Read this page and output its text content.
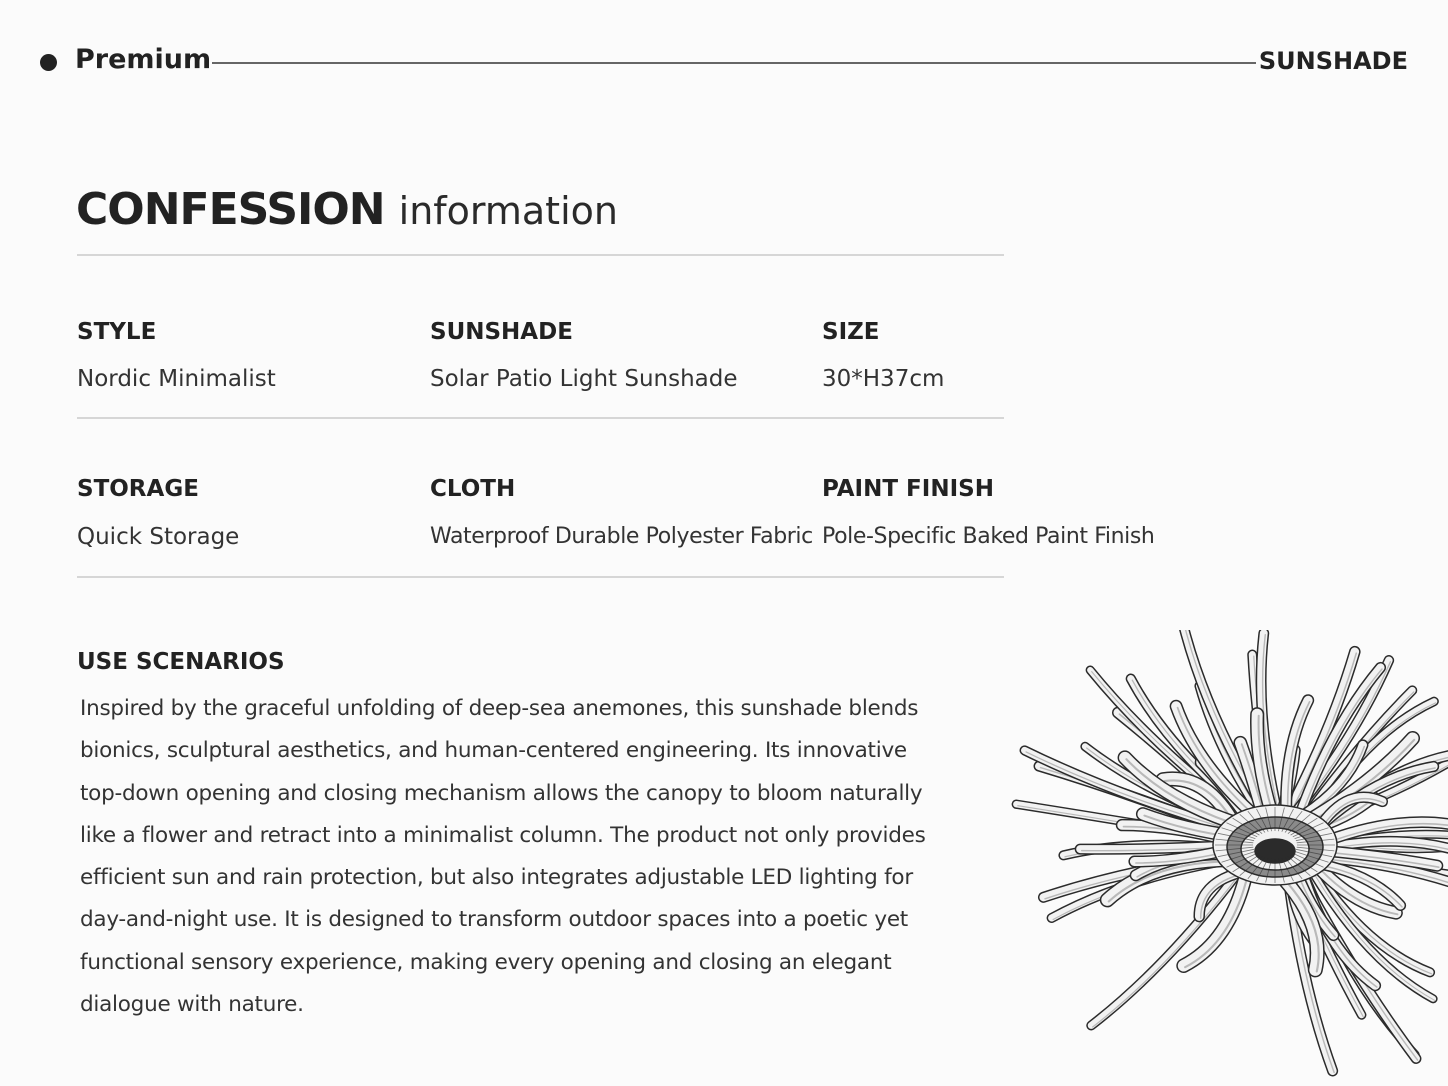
Premium	SUNSHADE
CONFESSION information
STYLE
Nordic Minimalist
SUNSHADE
Solar Patio Light Sunshade
SIZE
30*H37cm
STORAGE
Quick Storage
CLOTH
Waterproof Durable Polyester Fabric
PAINT FINISH
Pole-Specific Baked Paint Finish
USE SCENARIOS

Inspired by the graceful unfolding of deep-sea anemones, this sunshade blends bionics, sculptural aesthetics, and human-centered engineering. Its innovative top-down opening and closing mechanism allows the canopy to bloom naturally like a flower and retract into a minimalist column. The product not only provides efficient sun and rain protection, but also integrates adjustable LED lighting for day-and-night use. It is designed to transform outdoor spaces into a poetic yet functional sensory experience, making every opening and closing an elegant dialogue with nature.
